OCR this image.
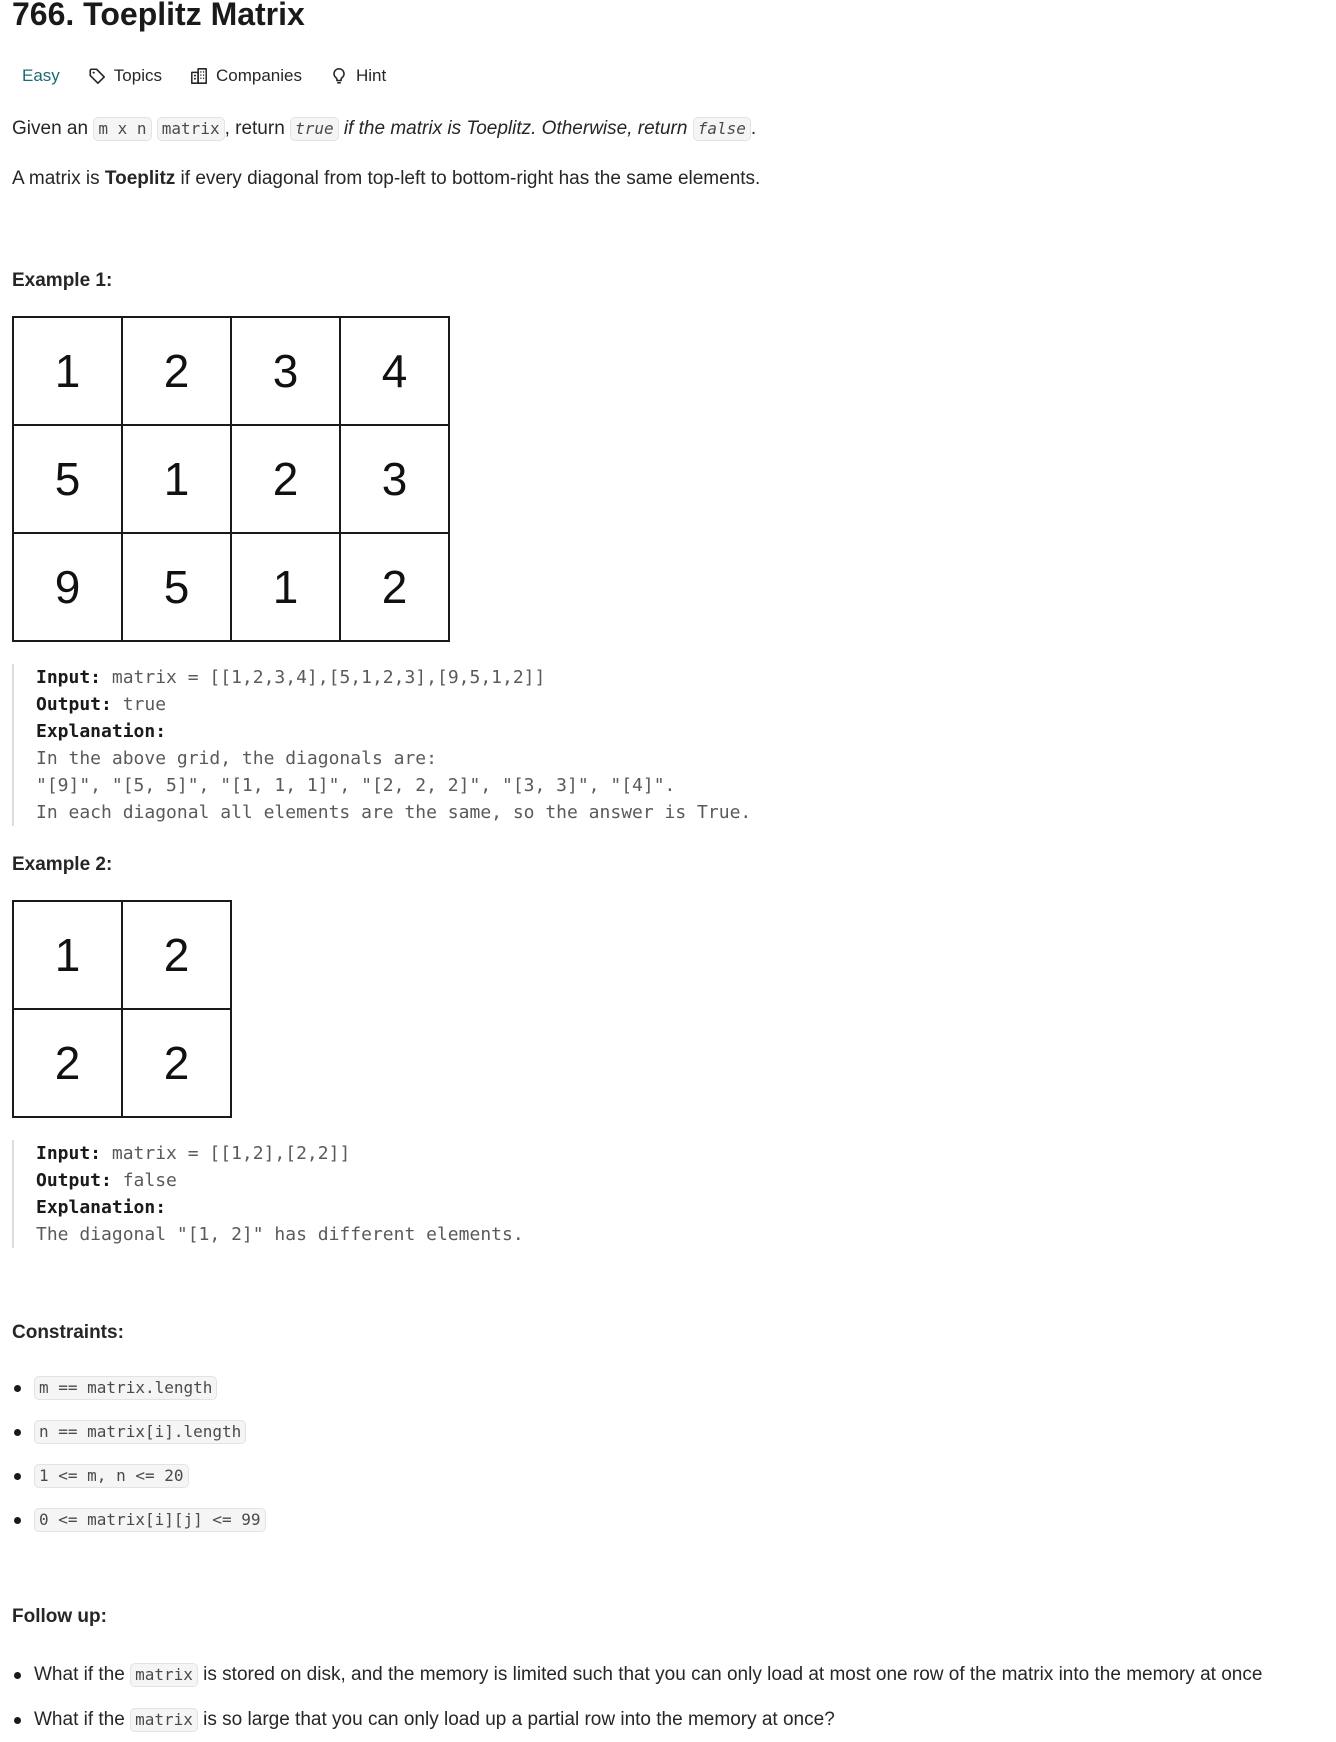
766. Toeplitz Matrix
Easy	Topics	Companies	Hint

Given an m x n matrix , return true if the matrix is Toeplitz. Otherwise, return false .

A matrix is Toeplitz if every diagonal from top-left to bottom-right has the same elements.

Example 1:
1	2	3	4
5	1	2	3
9	5	1	2
Input: matrix = [[1,2,3,4],[5,1,2,3],[9,5,1,2]]
Output: true
Explanation:
In the above grid, the diagonals are:
"[9]", "[5, 5]", "[1, 1, 1]", "[2, 2, 2]", "[3, 3]", "[4]".
In each diagonal all elements are the same, so the answer is True.
Example 2:
1	2
2	2
Input: matrix = [[1,2],[2,2]]
Output: false
Explanation:
The diagonal "[1, 2]" has different elements.
Constraints:
m == matrix.length
n == matrix[i].length
1 <= m, n <= 20
0 <= matrix[i][j] <= 99
Follow up:
What if the matrix is stored on disk, and the memory is limited such that you can only load at most one row of the matrix into the memory at once
What if the matrix is so large that you can only load up a partial row into the memory at once?
